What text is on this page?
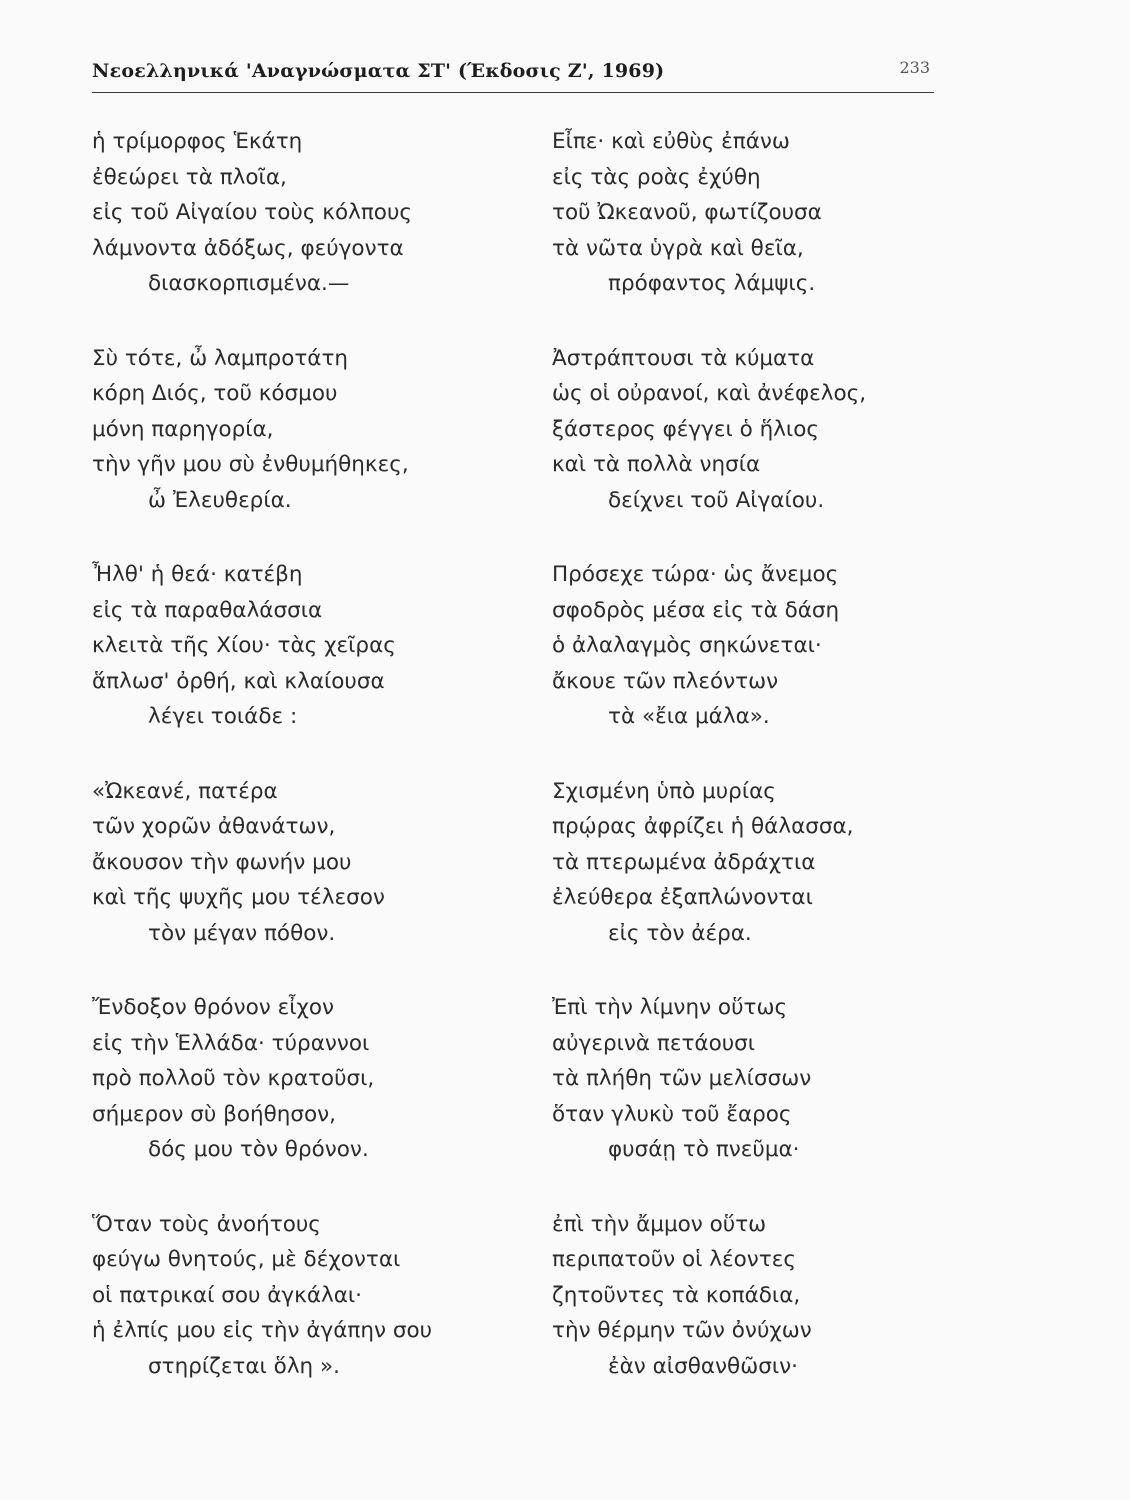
Νεοελληνικά 'Αναγνώσματα ΣΤ' (Έκδοσις Ζ', 1969)	233
ἡ τρίμορφος Ἑκάτη
ἐθεώρει τὰ πλοῖα,
εἰς τοῦ Αἰγαίου τοὺς κόλπους
λάμνοντα ἀδόξως, φεύγοντα
διασκορπισμένα.—
Σὺ τότε, ὦ λαμπροτάτη
κόρη Διός, τοῦ κόσμου
μόνη παρηγορία,
τὴν γῆν μου σὺ ἐνθυμήθηκες,
ὦ Ἐλευθερία.
Ἦλθ' ἡ θεά· κατέβη
εἰς τὰ παραθαλάσσια
κλειτὰ τῆς Χίου· τὰς χεῖρας
ἅπλωσ' ὀρθή, καὶ κλαίουσα
λέγει τοιάδε :
«Ὠκεανέ, πατέρα
τῶν χορῶν ἀθανάτων,
ἄκουσον τὴν φωνήν μου
καὶ τῆς ψυχῆς μου τέλεσον
τὸν μέγαν πόθον.
Ἔνδοξον θρόνον εἶχον
εἰς τὴν Ἑλλάδα· τύραννοι
πρὸ πολλοῦ τὸν κρατοῦσι,
σήμερον σὺ βοήθησον,
δός μου τὸν θρόνον.
Ὅταν τοὺς ἀνοήτους
φεύγω θνητούς, μὲ δέχονται
οἱ πατρικαί σου ἀγκάλαι·
ἡ ἐλπίς μου εἰς τὴν ἀγάπην σου
στηρίζεται ὅλη ».
Εἶπε· καὶ εὐθὺς ἐπάνω
εἰς τὰς ροὰς ἐχύθη
τοῦ Ὠκεανοῦ, φωτίζουσα
τὰ νῶτα ὑγρὰ καὶ θεῖα,
πρόφαντος λάμψις.
Ἀστράπτουσι τὰ κύματα
ὡς οἱ οὐρανοί, καὶ ἀνέφελος,
ξάστερος φέγγει ὁ ἥλιος
καὶ τὰ πολλὰ νησία
δείχνει τοῦ Αἰγαίου.
Πρόσεχε τώρα· ὡς ἄνεμος
σφοδρὸς μέσα εἰς τὰ δάση
ὁ ἀλαλαγμὸς σηκώνεται·
ἄκουε τῶν πλεόντων
τὰ «ἔια μάλα».
Σχισμένη ὑπὸ μυρίας
πρῴρας ἀφρίζει ἡ θάλασσα,
τὰ πτερωμένα ἀδράχτια
ἐλεύθερα ἐξαπλώνονται
εἰς τὸν ἀέρα.
Ἐπὶ τὴν λίμνην οὕτως
αὐγερινὰ πετάουσι
τὰ πλήθη τῶν μελίσσων
ὅταν γλυκὺ τοῦ ἔαρος
φυσάῃ τὸ πνεῦμα·
ἐπὶ τὴν ἄμμον οὕτω
περιπατοῦν οἱ λέοντες
ζητοῦντες τὰ κοπάδια,
τὴν θέρμην τῶν ὀνύχων
ἐὰν αἰσθανθῶσιν·
